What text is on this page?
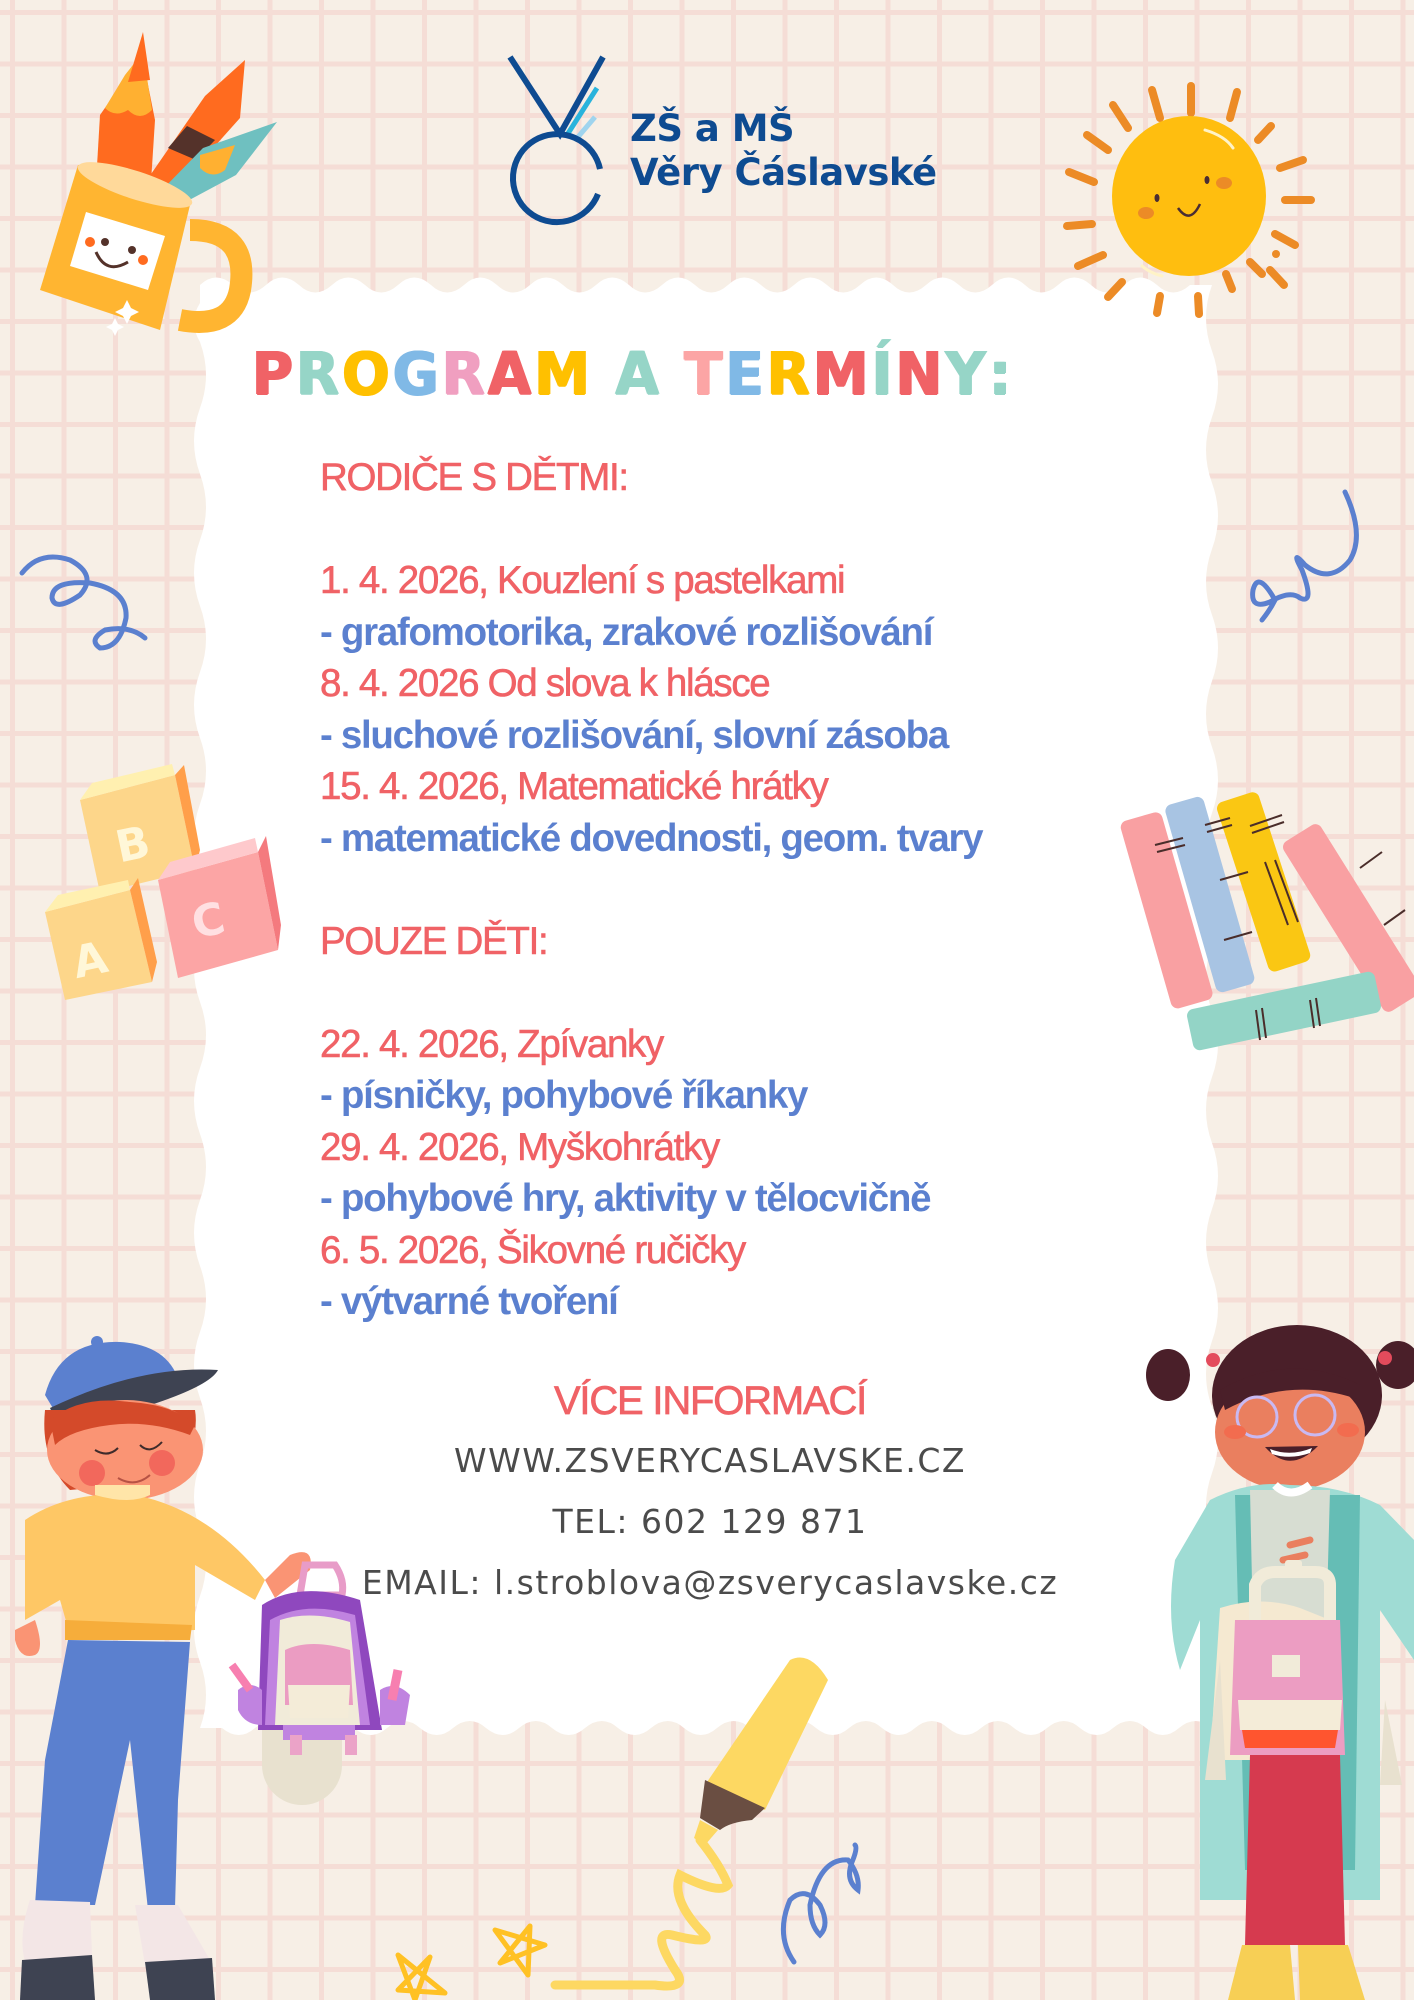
B
C
A
ZŠ a MŠ
Věry Čáslavské
PROGRAM A TERMÍNY:
RODIČE S DĚTMI:
1. 4. 2026, Kouzlení s pastelkami
- grafomotorika, zrakové rozlišování
8. 4. 2026 Od slova k hlásce
- sluchové rozlišování, slovní zásoba
15. 4. 2026, Matematické hrátky
- matematické dovednosti, geom. tvary
POUZE DĚTI:
22. 4. 2026, Zpívanky
- písničky, pohybové říkanky
29. 4. 2026, Myškohrátky
- pohybové hry, aktivity v tělocvičně
6. 5. 2026, Šikovné ručičky
- výtvarné tvoření
VÍCE INFORMACÍ
WWW.ZSVERYCASLAVSKE.CZ
TEL: 602 129 871
EMAIL: l.stroblova@zsverycaslavske.cz
